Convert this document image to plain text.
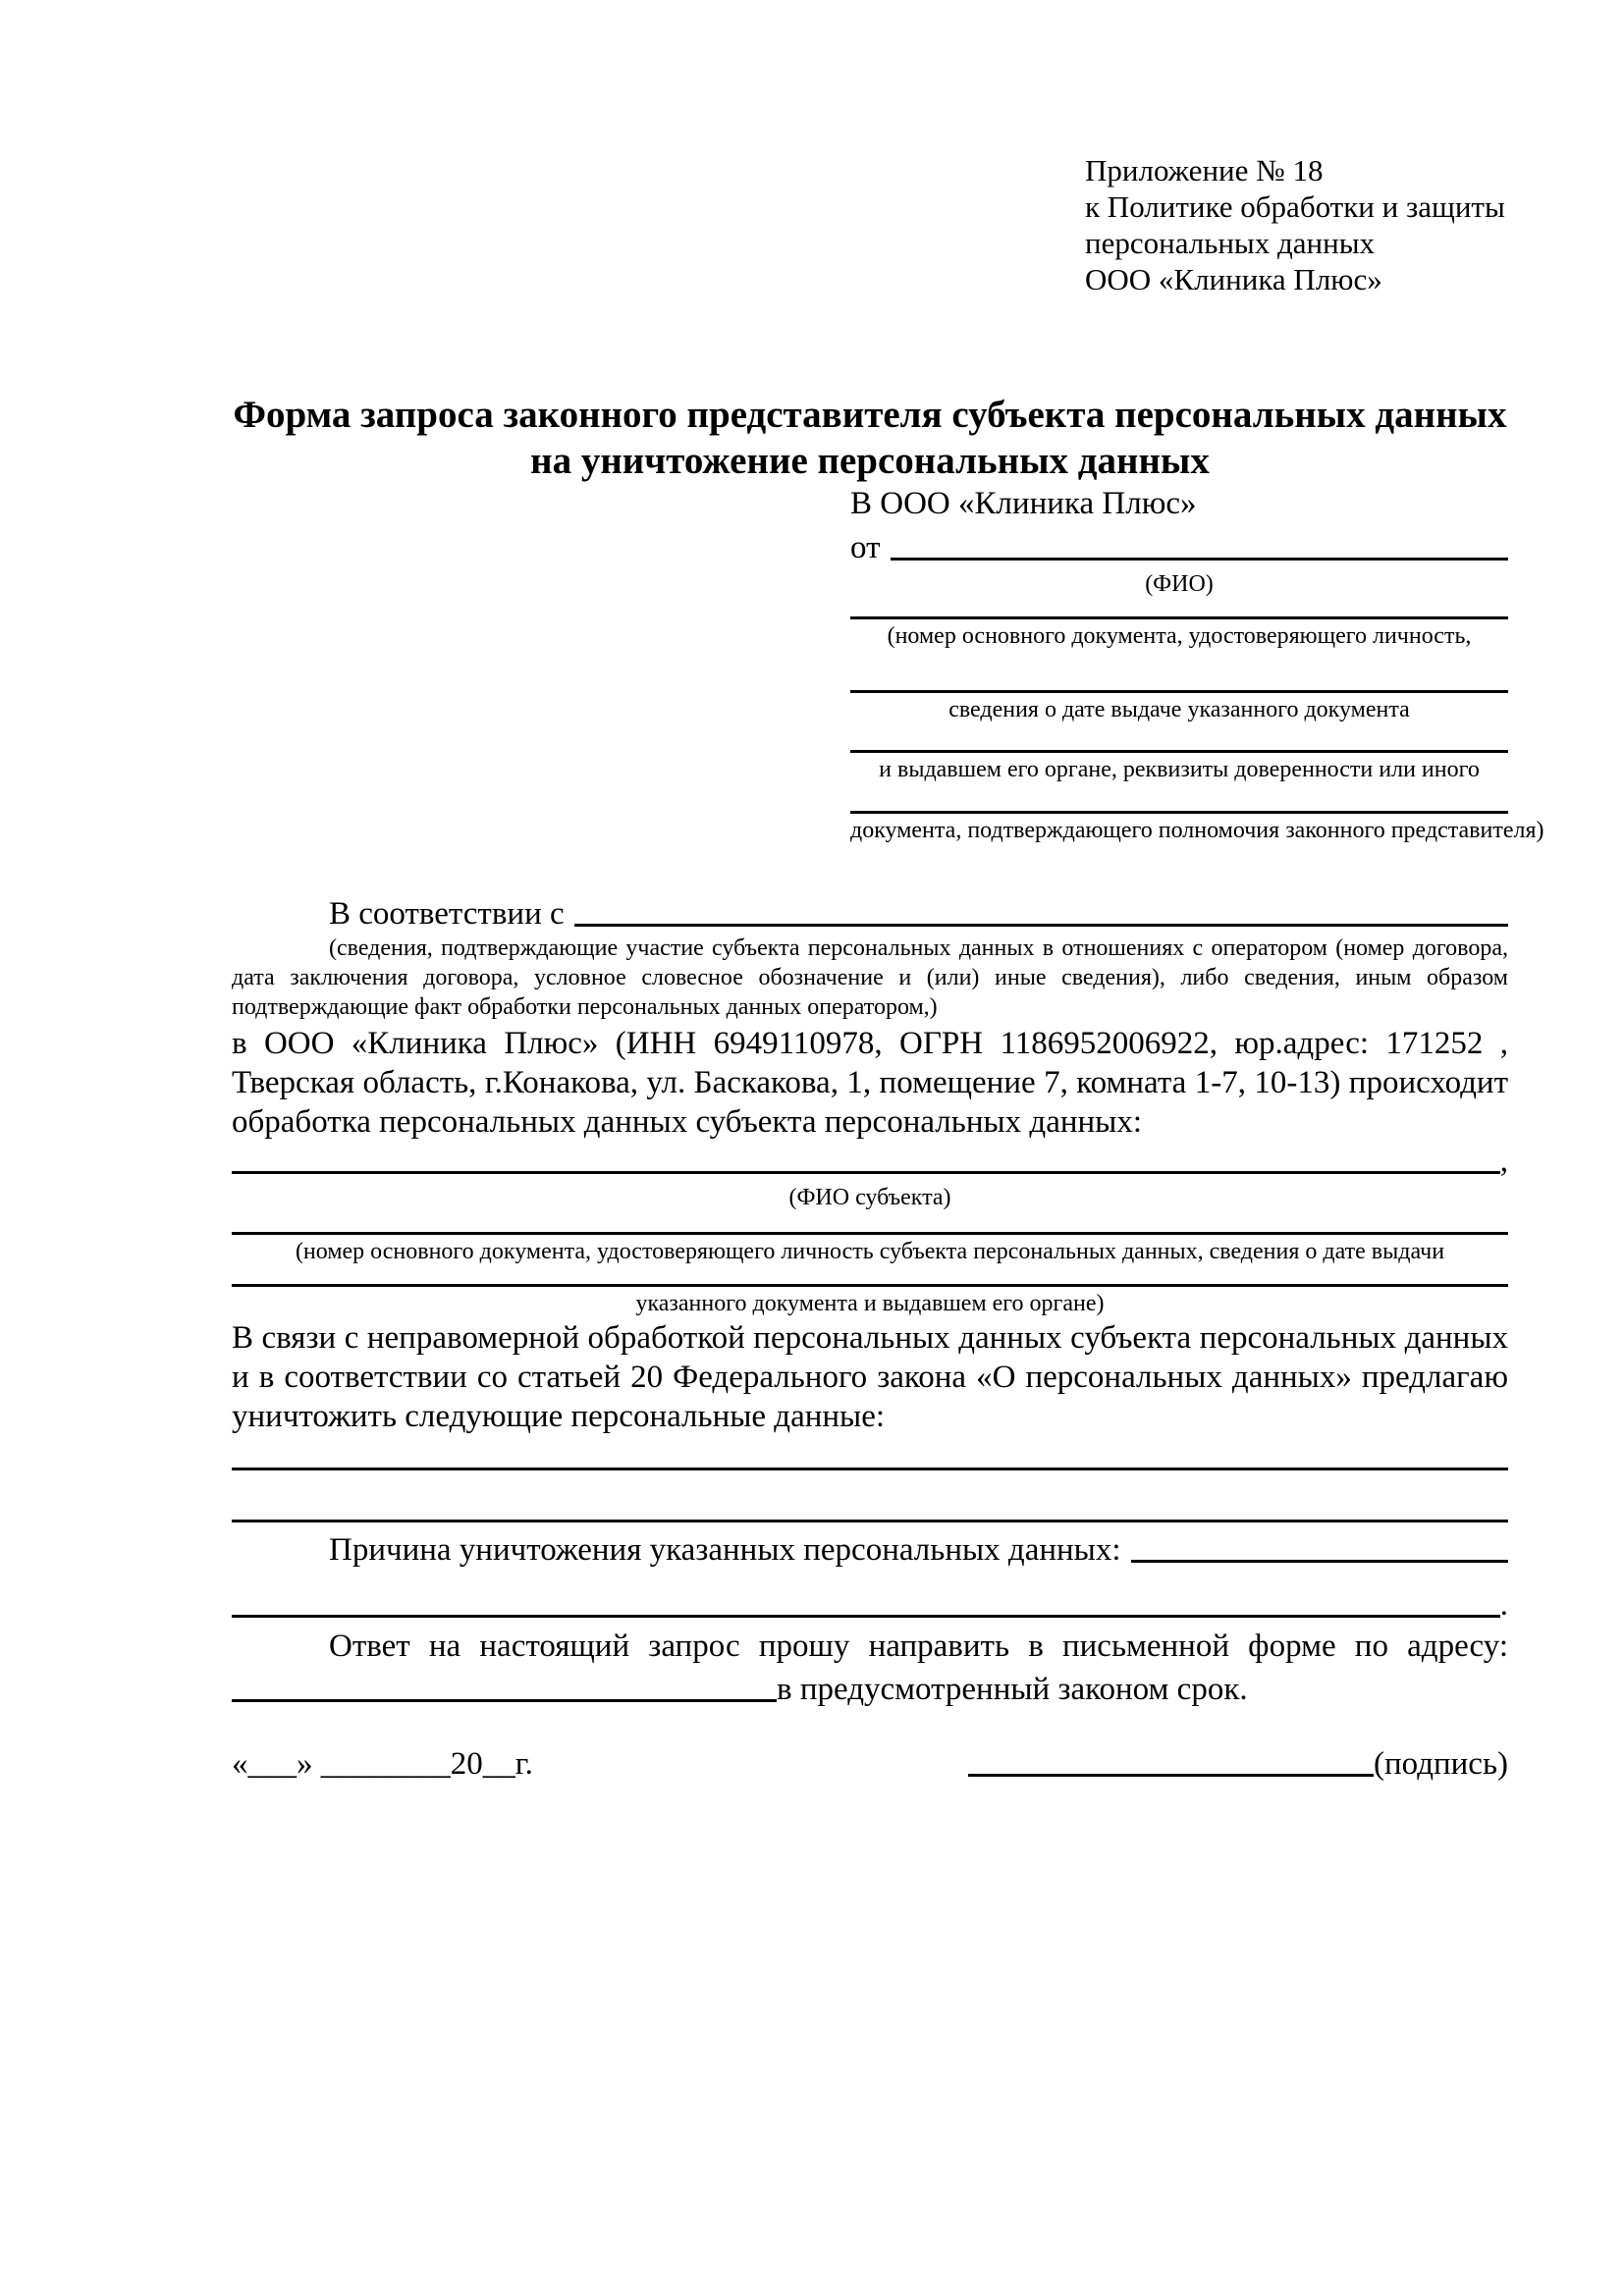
Приложение № 18
к Политике обработки и защиты
персональных данных
ООО «Клиника Плюс»
Форма запроса законного представителя субъекта персональных данных
на уничтожение персональных данных
В ООО «Клиника Плюс»
от
(ФИО)
(номер основного документа, удостоверяющего личность,
сведения о дате выдаче указанного документа
и выдавшем его органе, реквизиты доверенности или иного
документа, подтверждающего полномочия законного представителя)
В соответствии с
(сведения, подтверждающие участие субъекта персональных данных в отношениях с оператором (номер договора, дата заключения договора, условное словесное обозначение и (или) иные сведения), либо сведения, иным образом подтверждающие факт обработки персональных данных оператором,)
в ООО «Клиника Плюс» (ИНН 6949110978, ОГРН 1186952006922, юр.адрес: 171252 , Тверская область, г.Конакова, ул. Баскакова, 1, помещение 7, комната 1-7, 10-13) происходит обработка персональных данных субъекта персональных данных:
,
(ФИО субъекта)
(номер основного документа, удостоверяющего личность субъекта персональных данных, сведения о дате выдачи
указанного документа и выдавшем его органе)
В связи с неправомерной обработкой персональных данных субъекта персональных данных и в соответствии со статьей 20 Федерального закона «О персональных данных» предлагаю уничтожить следующие персональные данные:
Причина уничтожения указанных персональных данных:
.
Ответ на настоящий запрос прошу направить в письменной форме по адресу:
в предусмотренный законом срок.
«___» ________20__г.	(подпись)
